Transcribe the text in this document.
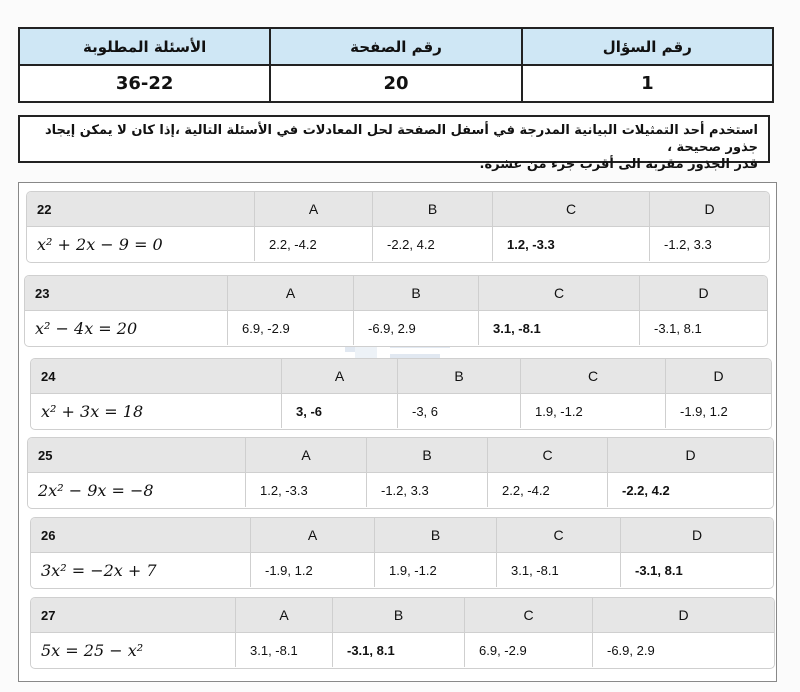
الأسئلة المطلوبة	رقم الصفحة	رقم السؤال
36-22	20	1
استخدم أحد التمثيلات البيانية المدرجة في أسفل الصفحة لحل المعادلات في الأسئلة التالية ،إذا كان لا يمكن إيجاد جذور صحيحة ،
قدر الجذور مقربة الى أقرب جزء من عشرة.
22	A	B	C	D
x² + 2x − 9 = 0	2.2, -4.2	-2.2, 4.2	1.2, -3.3	-1.2, 3.3
23	A	B	C	D
x² − 4x = 20	6.9, -2.9	-6.9, 2.9	3.1, -8.1	-3.1, 8.1
24	A	B	C	D
x² + 3x = 18	3, -6	-3, 6	1.9, -1.2	-1.9, 1.2
25	A	B	C	D
2x² − 9x = −8	1.2, -3.3	-1.2, 3.3	2.2, -4.2	-2.2, 4.2
26	A	B	C	D
3x² = −2x + 7	-1.9, 1.2	1.9, -1.2	3.1, -8.1	-3.1, 8.1
27	A	B	C	D
5x = 25 − x²	3.1, -8.1	-3.1, 8.1	6.9, -2.9	-6.9, 2.9
